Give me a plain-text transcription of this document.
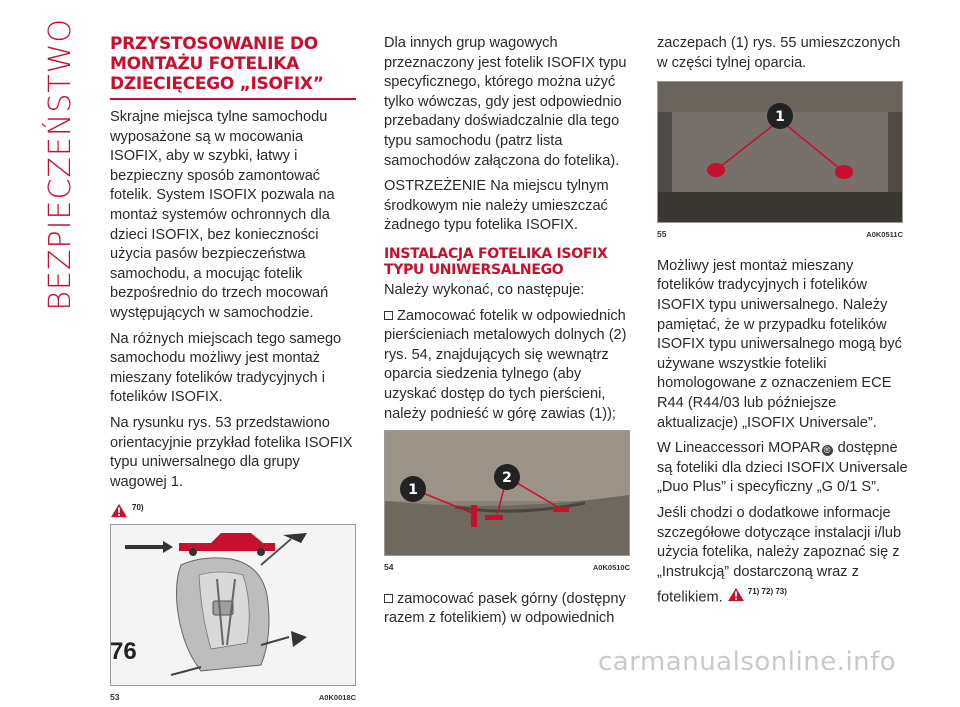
BEZPIECZEŃSTWO PRZYSTOSOWANIE DO MONTAŻU FOTELIKA DZIECIĘCEGO „ISOFIX”

Skrajne miejsca tylne samochodu wyposażone są w mocowania ISOFIX, aby w szybki, łatwy i bezpieczny sposób zamontować fotelik. System ISOFIX pozwala na montaż systemów ochronnych dla dzieci ISOFIX, bez konieczności użycia pasów bezpieczeństwa samochodu, a mocując fotelik bezpośrednio do trzech mocowań występujących w samochodzie.

Na różnych miejscach tego samego samochodu możliwy jest montaż mieszany fotelików tradycyjnych i fotelików ISOFIX.

Na rysunku rys. 53 przedstawiono orientacyjnie przykład fotelika ISOFIX typu uniwersalnego dla grupy wagowej 1.

70)
53	A0K0018C

Dla innych grup wagowych przeznaczony jest fotelik ISOFIX typu specyficznego, którego można użyć tylko wówczas, gdy jest odpowiednio przebadany doświadczalnie dla tego typu samochodu (patrz lista samochodów załączona do fotelika).

OSTRZEŻENIE Na miejscu tylnym środkowym nie należy umieszczać żadnego typu fotelika ISOFIX.

INSTALACJA FOTELIKA ISOFIX TYPU UNIWERSALNEGO

Należy wykonać, co następuje:

Zamocować fotelik w odpowiednich pierścieniach metalowych dolnych (2) rys. 54, znajdujących się wewnątrz oparcia siedzenia tylnego (aby uzyskać dostęp do tych pierścieni, należy podnieść w górę zawias (1));

1
2
54	A0K0510C

zamocować pasek górny (dostępny razem z fotelikiem) w odpowiednich

zaczepach (1) rys. 55 umieszczonych w części tylnej oparcia.

1
55	A0K0511C

Możliwy jest montaż mieszany fotelików tradycyjnych i fotelików ISOFIX typu uniwersalnego. Należy pamiętać, że w przypadku fotelików ISOFIX typu uniwersalnego mogą być używane wszystkie foteliki homologowane z oznaczeniem ECE R44 (R44/03 lub późniejsze aktualizacje) „ISOFIX Universale”.

W Lineaccessori MOPAR ® dostępne są foteliki dla dzieci ISOFIX Universale „Duo Plus” i specyficzny „G 0/1 S”.

Jeśli chodzi o dodatkowe informacje szczegółowe dotyczące instalacji i/lub użycia fotelika, należy zapoznać się z „Instrukcją” dostarczoną wraz z fotelikiem.	71) 72) 73)

76	carmanualsonline.info
